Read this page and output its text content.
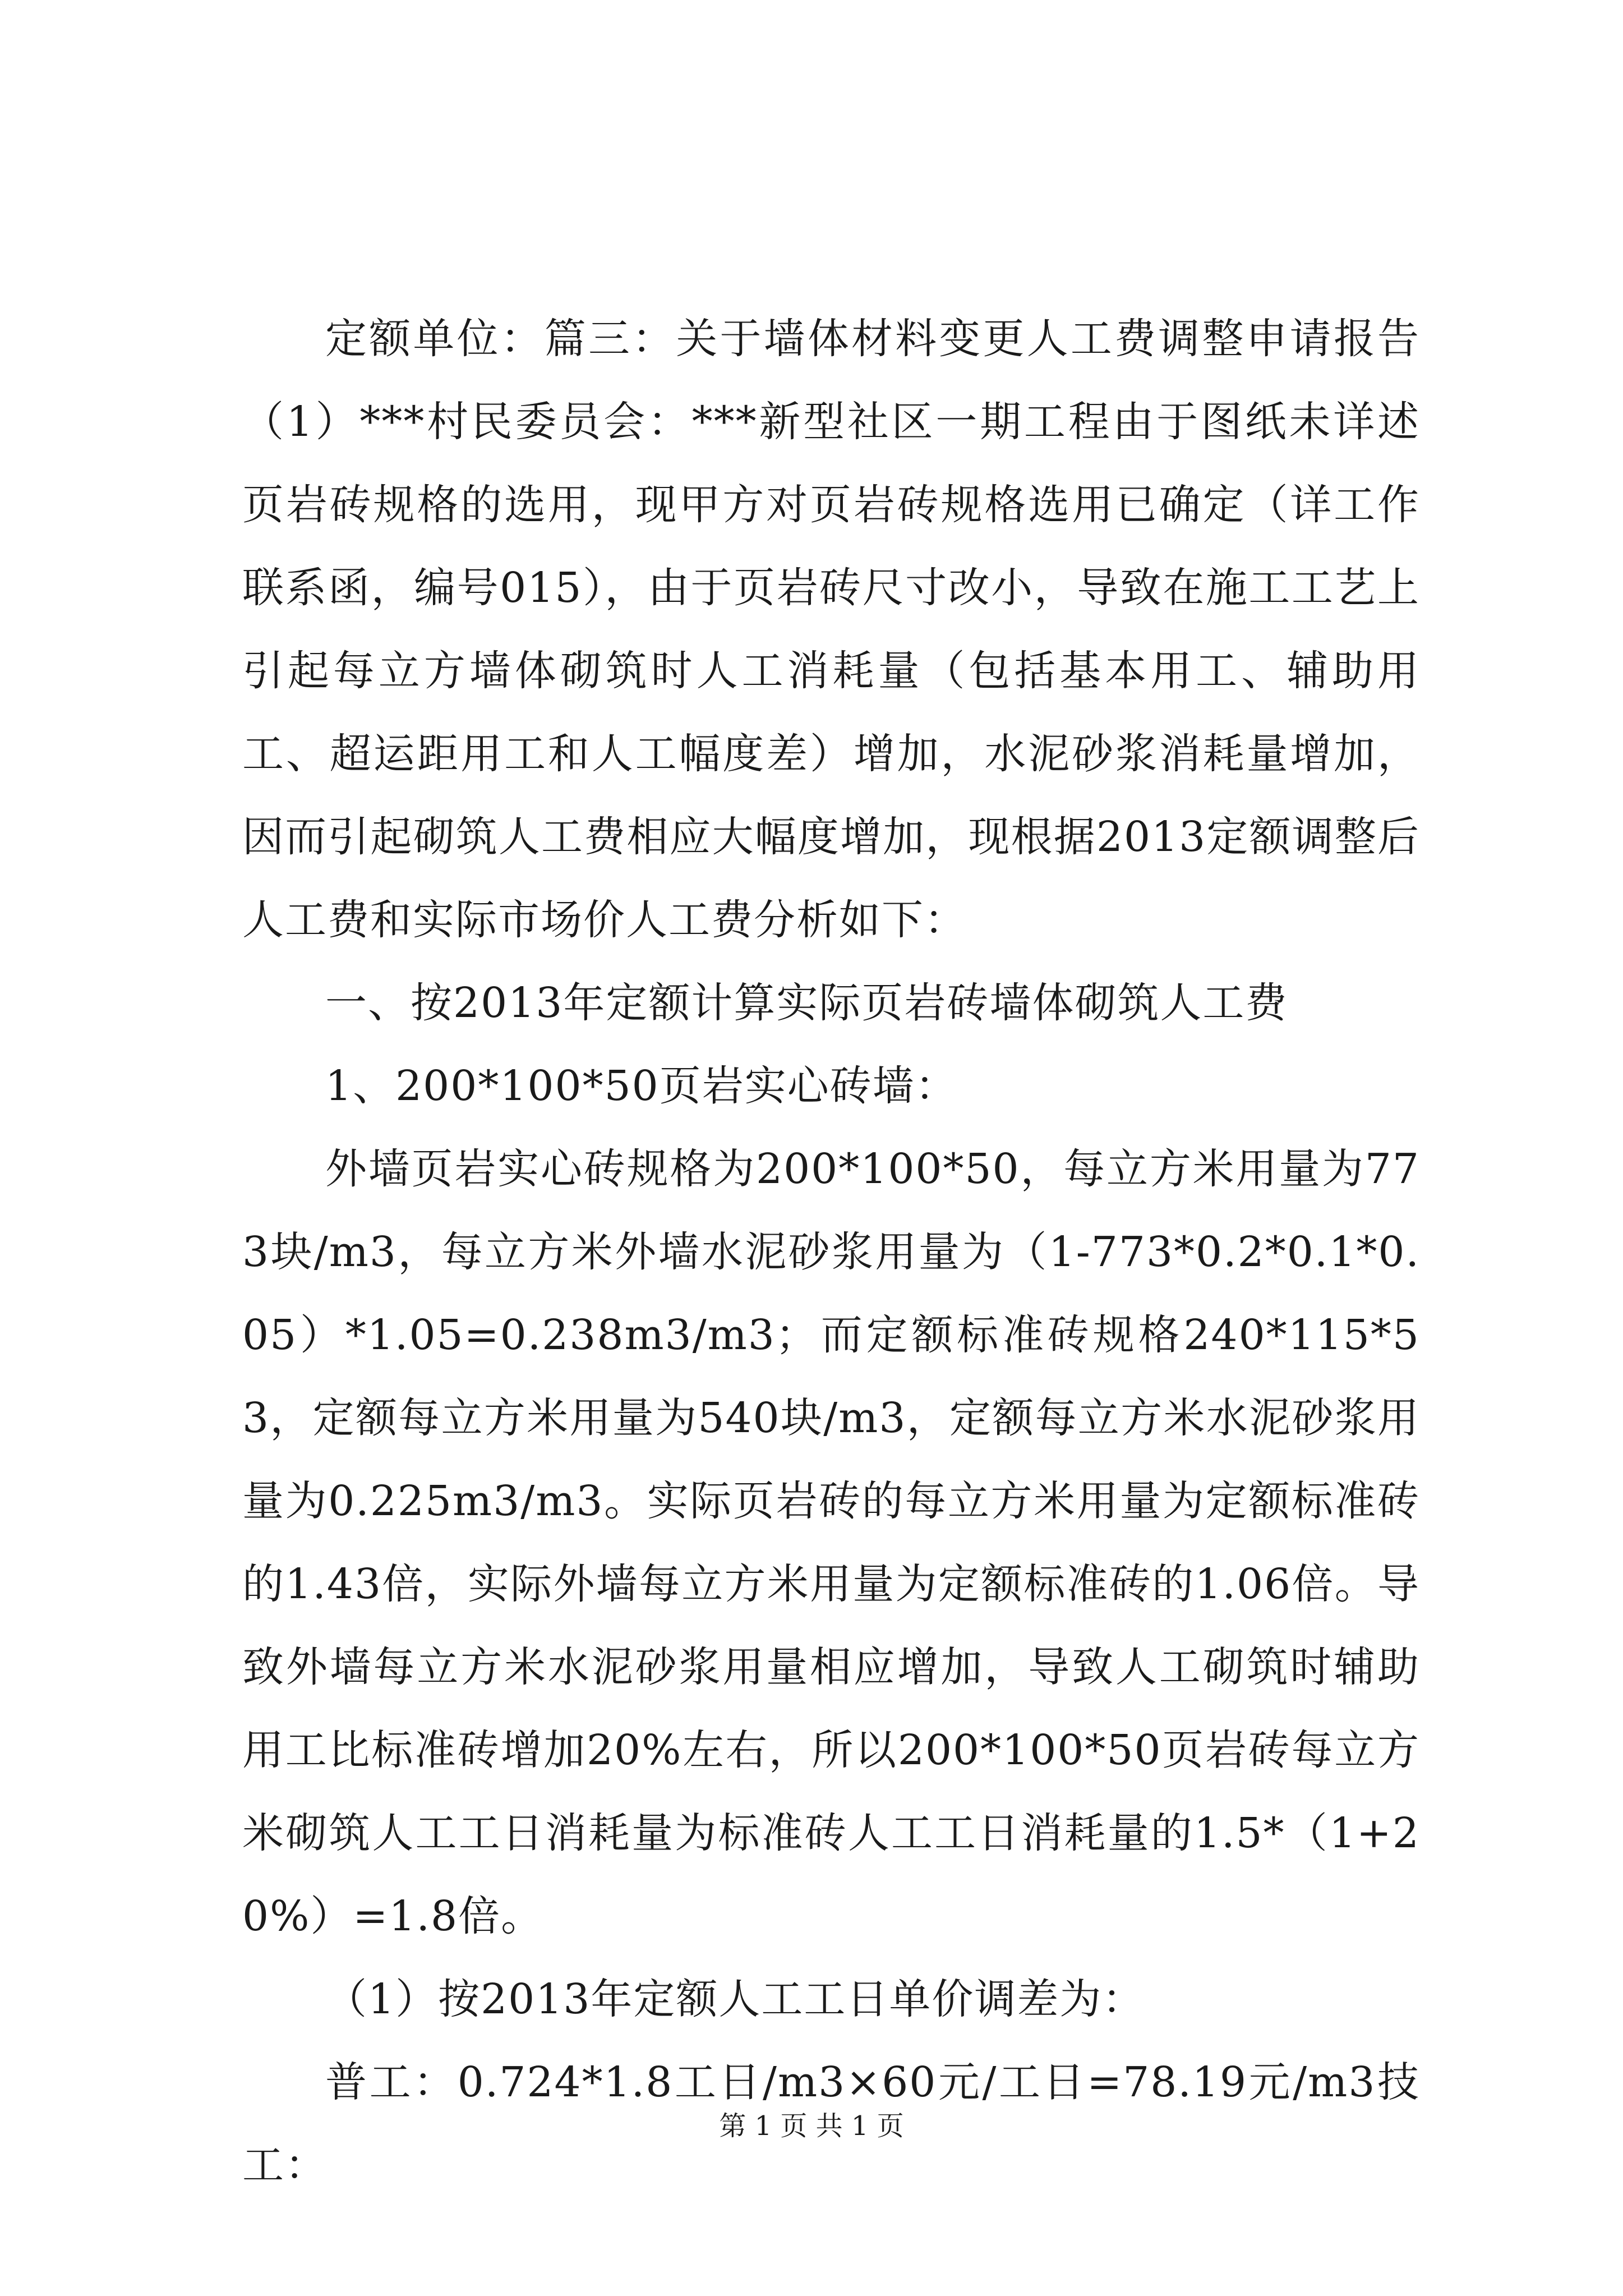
定额单位：篇三：关于墙体材料变更人工费调整申请报告（1）***村民委员会：***新型社区一期工程由于图纸未详述页岩砖规格的选用，现甲方对页岩砖规格选用已确定（详工作联系函，编号015），由于页岩砖尺寸改小，导致在施工工艺上引起每立方墙体砌筑时人工消耗量（包括基本用工、辅助用工、超运距用工和人工幅度差）增加，水泥砂浆消耗量增加，因而引起砌筑人工费相应大幅度增加，现根据2013定额调整后人工费和实际市场价人工费分析如下：

一、按2013年定额计算实际页岩砖墙体砌筑人工费

1、200*100*50页岩实心砖墙：

外墙页岩实心砖规格为200*100*50，每立方米用量为773块/m3，每立方米外墙水泥砂浆用量为（1-773*0.2*0.1*0.05）*1.05=0.238m3/m3；而定额标准砖规格240*115*53，定额每立方米用量为540块/m3，定额每立方米水泥砂浆用量为0.225m3/m3。实际页岩砖的每立方米用量为定额标准砖的1.43倍，实际外墙每立方米用量为定额标准砖的1.06倍。导致外墙每立方米水泥砂浆用量相应增加，导致人工砌筑时辅助用工比标准砖增加20%左右，所以200*100*50页岩砖每立方米砌筑人工工日消耗量为标准砖人工工日消耗量的1.5*（1+20%）=1.8倍。

（1）按2013年定额人工工日单价调差为：

普工：0.724*1.8工日/m3×60元/工日=78.19元/m3技工：

第 1 页 共 1 页
